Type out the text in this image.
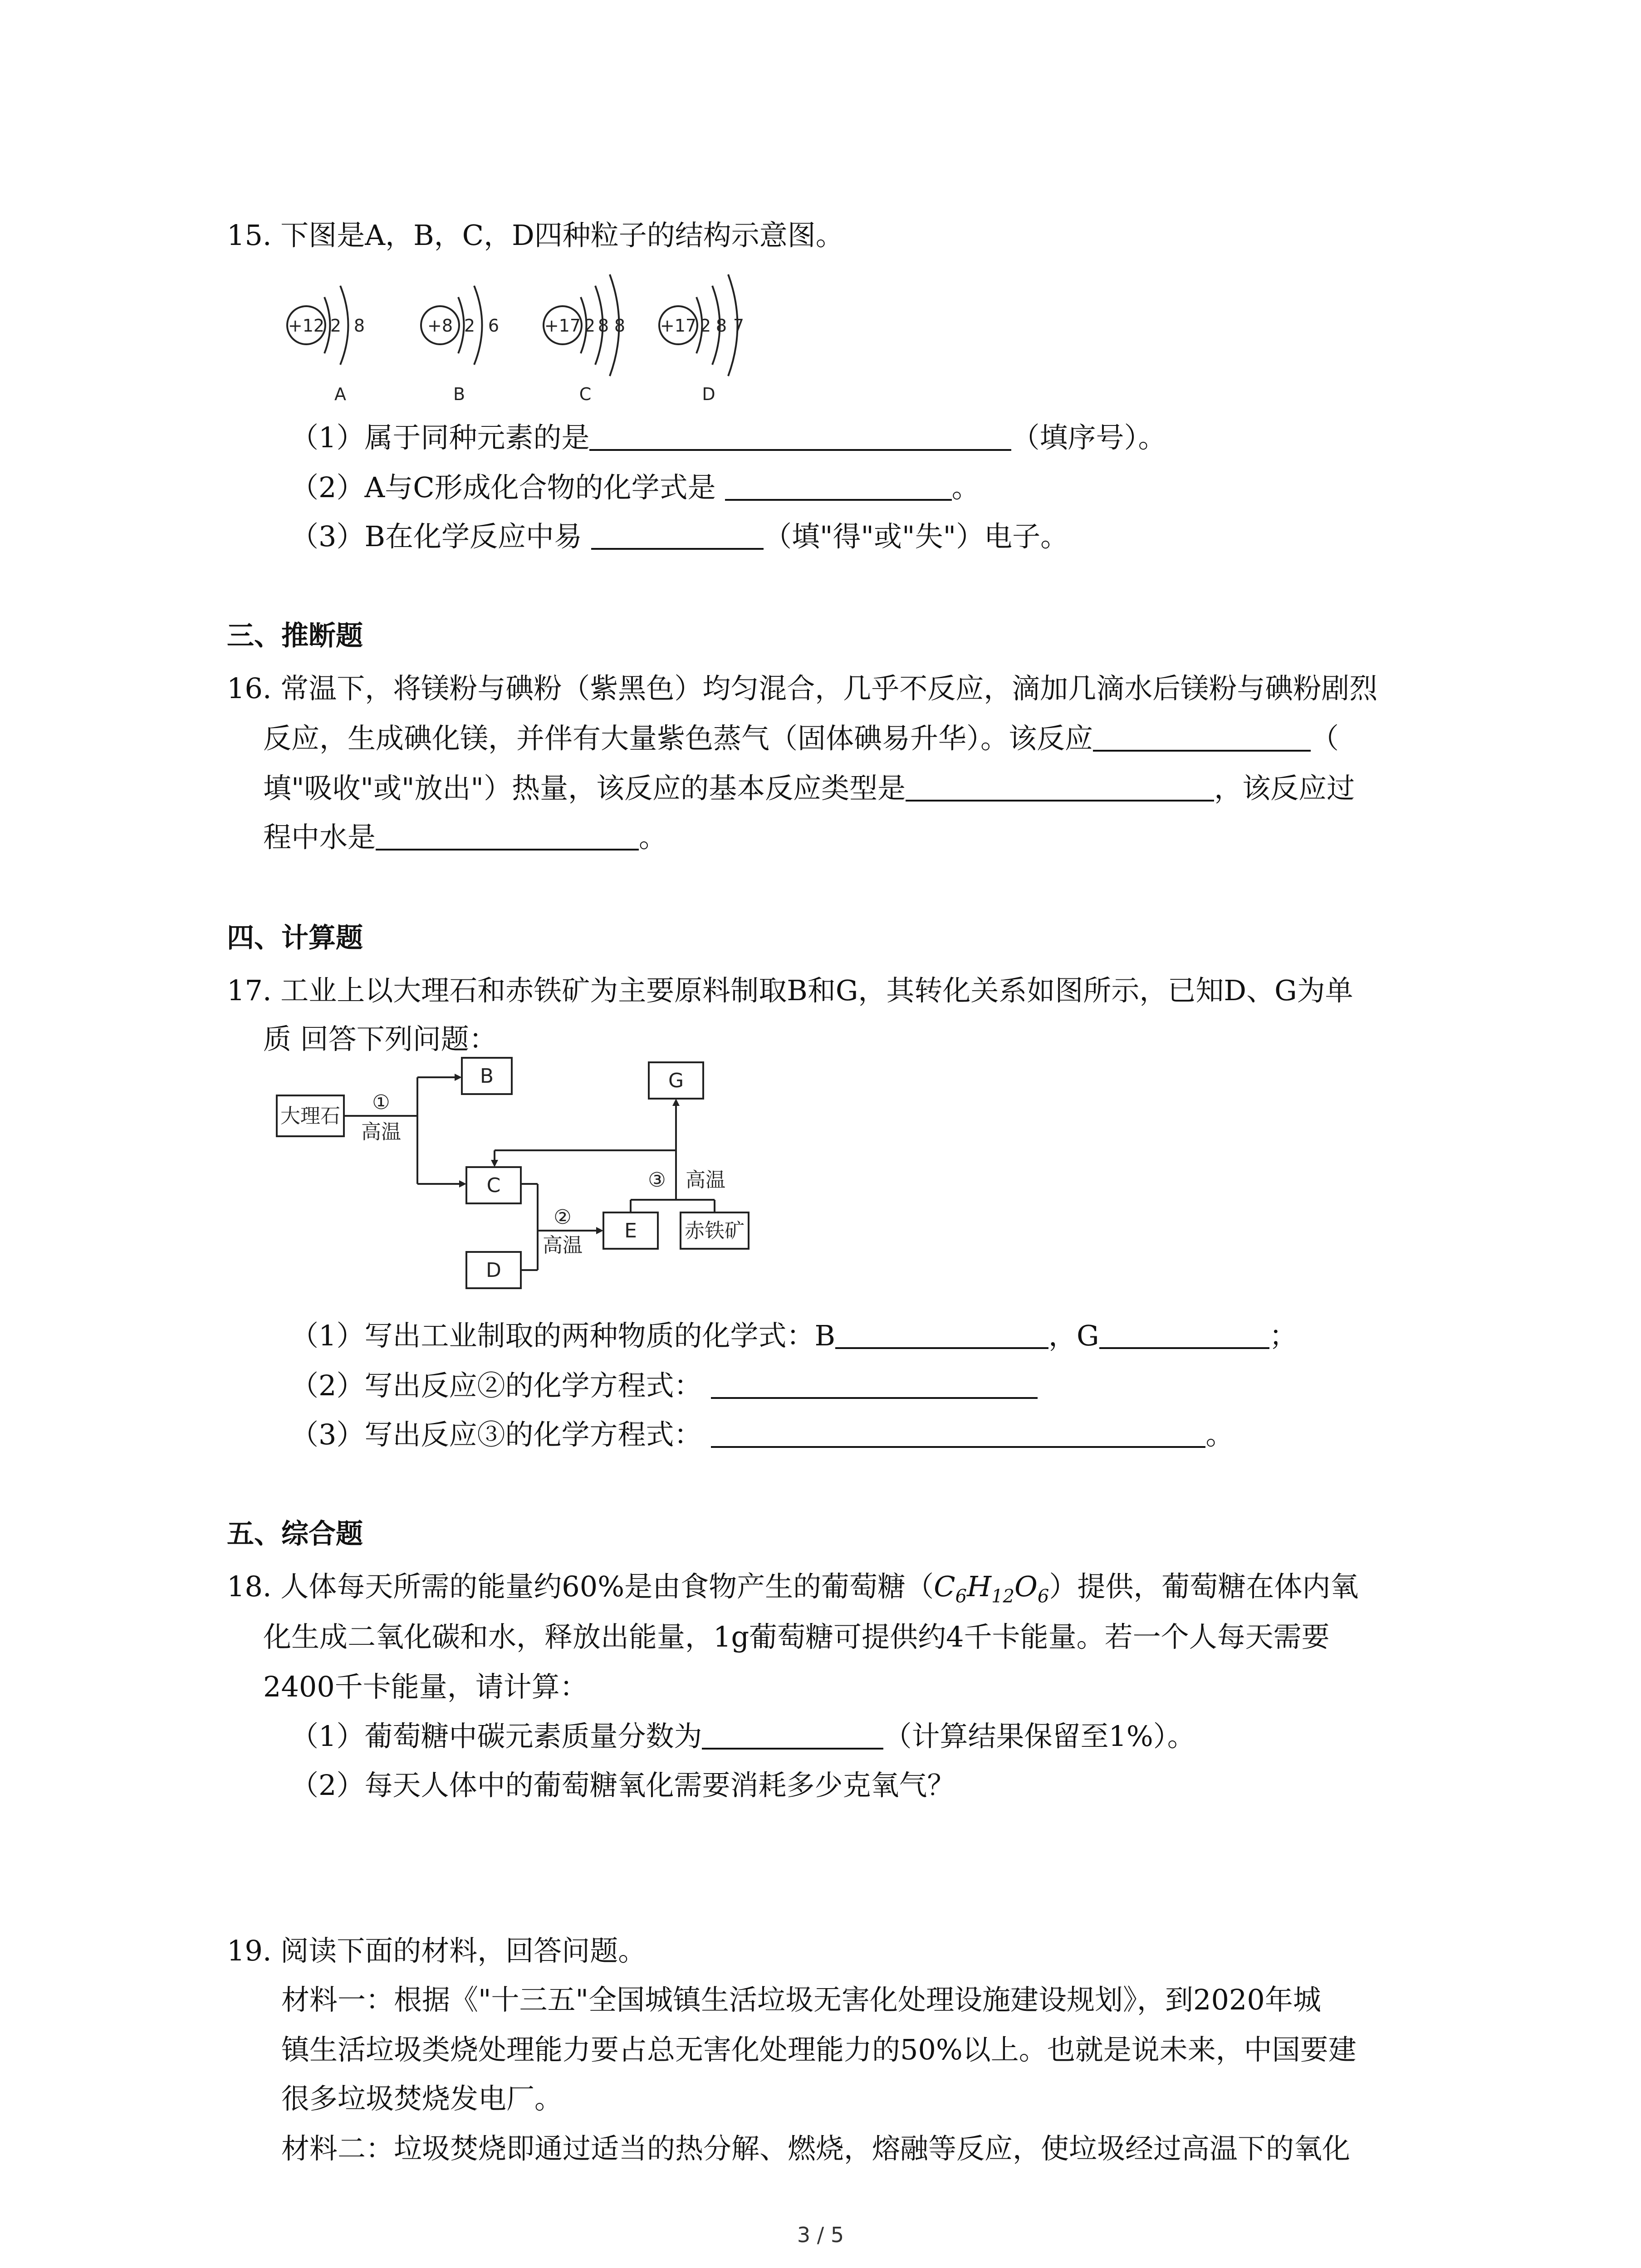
15. 下图是A，B，C，D四种粒子的结构示意图。
+12 2 8
A
+8 2 6
B
+17 2 8 8
C
+17 2 8 7
D
（1）属于同种元素的是	（填序号）。
（2）A与C形成化合物的化学式是	。
（3）B在化学反应中易	（填"得"或"失"）电子。
三、推断题
16. 常温下，将镁粉与碘粉（紫黑色）均匀混合，几乎不反应，滴加几滴水后镁粉与碘粉剧烈
反应，生成碘化镁，并伴有大量紫色蒸气（固体碘易升华）。该反应	（
填"吸收"或"放出"）热量，该反应的基本反应类型是	，该反应过
程中水是	。
四、计算题
17. 工业上以大理石和赤铁矿为主要原料制取B和G，其转化关系如图所示，已知D、G为单
质 回答下列问题：
大理石
B
C
D
E 赤铁矿
G
①
高温
②
高温
③ 高温
（1）写出工业制取的两种物质的化学式：B	，G	；
（2）写出反应②的化学方程式：
（3）写出反应③的化学方程式：	。
五、综合题
18. 人体每天所需的能量约60%是由食物产生的葡萄糖$(C_6H_{12}O_6)$提供，葡萄糖在体内氧
化生成二氧化碳和水，释放出能量，1g葡萄糖可提供约4千卡能量。若一个人每天需要
2400千卡能量，请计算：
（1）葡萄糖中碳元素质量分数为	（计算结果保留至1%）。
（2）每天人体中的葡萄糖氧化需要消耗多少克氧气？
19. 阅读下面的材料，回答问题。
材料一：根据《"十三五"全国城镇生活垃圾无害化处理设施建设规划》，到2020年城
镇生活垃圾类烧处理能力要占总无害化处理能力的50%以上。也就是说未来，中国要建
很多垃圾焚烧发电厂。
材料二：垃圾焚烧即通过适当的热分解、燃烧，熔融等反应，使垃圾经过高温下的氧化
3 / 5
